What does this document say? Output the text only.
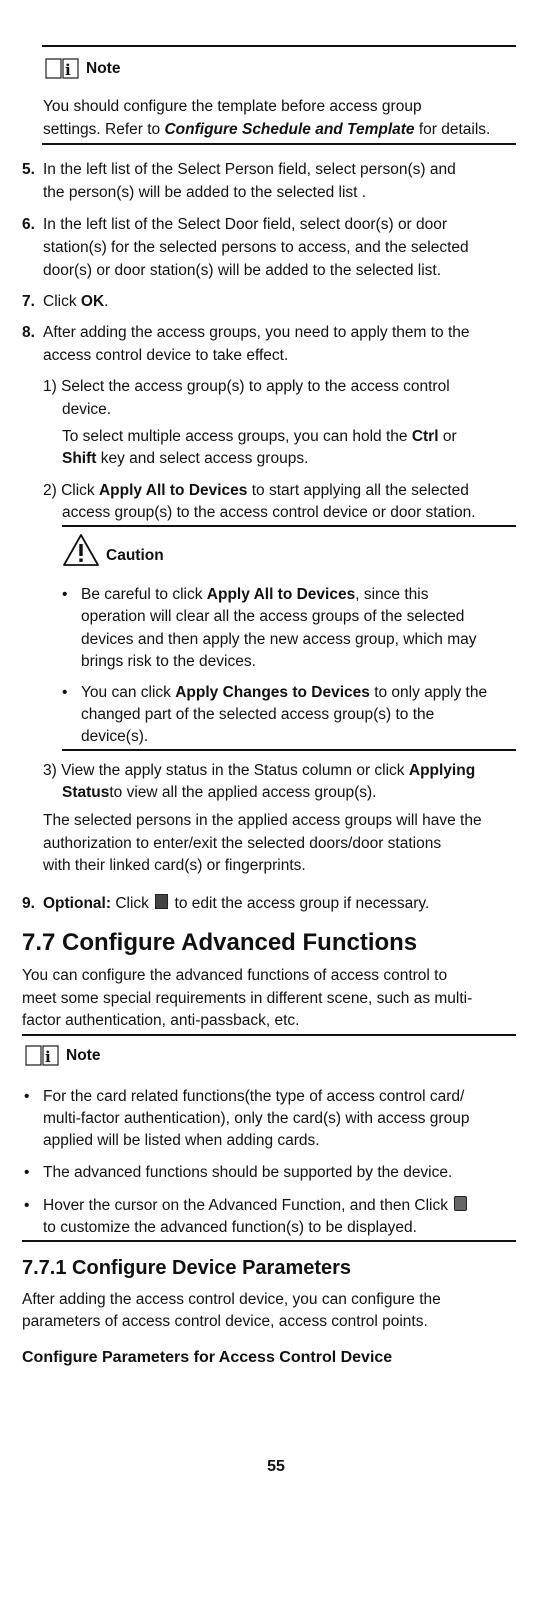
i Note
You should configure the template before access group
settings. Refer to Configure Schedule and Template for details.
5. In the left list of the Select Person field, select person(s) and
the person(s) will be added to the selected list .
6. In the left list of the Select Door field, select door(s) or door
station(s) for the selected persons to access, and the selected
door(s) or door station(s) will be added to the selected list.
7. Click OK.
8. After adding the access groups, you need to apply them to the
access control device to take effect.
1) Select the access group(s) to apply to the access control
device.
To select multiple access groups, you can hold the Ctrl or
Shift key and select access groups.
2) Click Apply All to Devices to start applying all the selected
access group(s) to the access control device or door station.
Caution
• Be careful to click Apply All to Devices, since this
operation will clear all the access groups of the selected
devices and then apply the new access group, which may
brings risk to the devices.
• You can click Apply Changes to Devices to only apply the
changed part of the selected access group(s) to the
device(s).
3) View the apply status in the Status column or click Applying
Statusto view all the applied access group(s).
The selected persons in the applied access groups will have the
authorization to enter/exit the selected doors/door stations
with their linked card(s) or fingerprints.
9. Optional: Click  to edit the access group if necessary.
7.7 Configure Advanced Functions
You can configure the advanced functions of access control to
meet some special requirements in different scene, such as multi-
factor authentication, anti-passback, etc.
i Note
• For the card related functions(the type of access control card/
multi-factor authentication), only the card(s) with access group
applied will be listed when adding cards.
• The advanced functions should be supported by the device.
• Hover the cursor on the Advanced Function, and then Click
to customize the advanced function(s) to be displayed.
7.7.1 Configure Device Parameters
After adding the access control device, you can configure the
parameters of access control device, access control points.
Configure Parameters for Access Control Device
55
